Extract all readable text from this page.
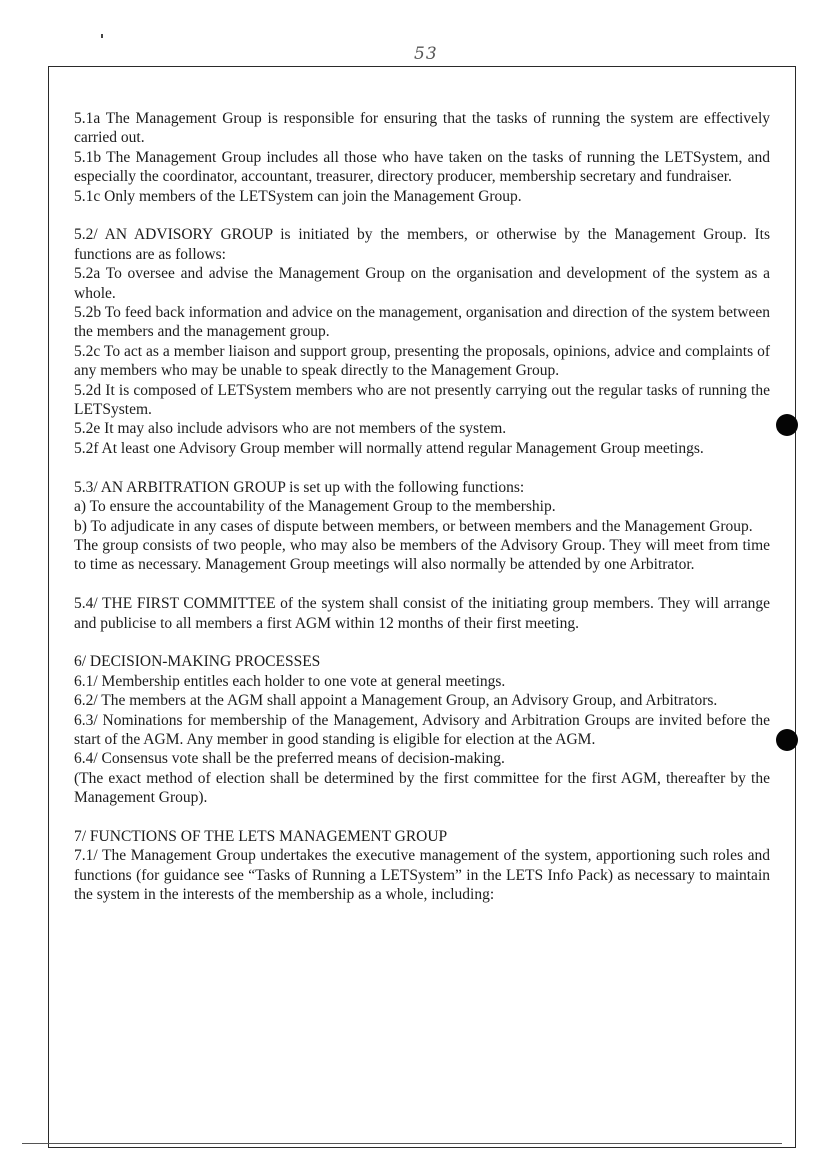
53

5.1a The Management Group is responsible for ensuring that the tasks of running the system are effectively carried out.

5.1b The Management Group includes all those who have taken on the tasks of running the LETSystem, and especially the coordinator, accountant, treasurer, directory producer, membership secretary and fundraiser.

5.1c Only members of the LETSystem can join the Management Group.

5.2/ AN ADVISORY GROUP is initiated by the members, or otherwise by the Management Group. Its functions are as follows:

5.2a To oversee and advise the Management Group on the organisation and development of the system as a whole.

5.2b To feed back information and advice on the management, organisation and direction of the system between the members and the management group.

5.2c To act as a member liaison and support group, presenting the proposals, opinions, advice and complaints of any members who may be unable to speak directly to the Management Group.

5.2d It is composed of LETSystem members who are not presently carrying out the regular tasks of running the LETSystem.

5.2e It may also include advisors who are not members of the system.

5.2f At least one Advisory Group member will normally attend regular Management Group meetings.

5.3/ AN ARBITRATION GROUP is set up with the following functions:

a) To ensure the accountability of the Management Group to the membership.

b) To adjudicate in any cases of dispute between members, or between members and the Management Group.

The group consists of two people, who may also be members of the Advisory Group. They will meet from time to time as necessary. Management Group meetings will also normally be attended by one Arbitrator.

5.4/ THE FIRST COMMITTEE of the system shall consist of the initiating group members. They will arrange and publicise to all members a first AGM within 12 months of their first meeting.

6/ DECISION-MAKING PROCESSES

6.1/ Membership entitles each holder to one vote at general meetings.

6.2/ The members at the AGM shall appoint a Management Group, an Advisory Group, and Arbitrators.

6.3/ Nominations for membership of the Management, Advisory and Arbitration Groups are invited before the start of the AGM. Any member in good standing is eligible for election at the AGM.

6.4/ Consensus vote shall be the preferred means of decision-making.

(The exact method of election shall be determined by the first committee for the first AGM, thereafter by the Management Group).

7/ FUNCTIONS OF THE LETS MANAGEMENT GROUP

7.1/ The Management Group undertakes the executive management of the system, apportioning such roles and functions (for guidance see “Tasks of Running a LETSystem” in the LETS Info Pack) as necessary to maintain the system in the interests of the membership as a whole, including:
